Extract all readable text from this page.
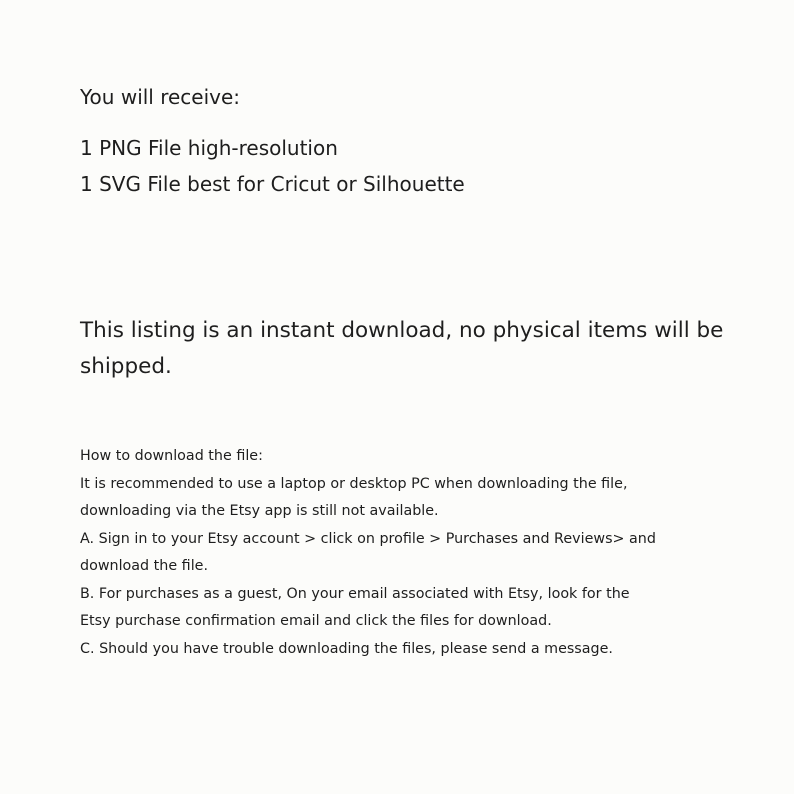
You will receive:
1 PNG File high-resolution
1 SVG File best for Cricut or Silhouette
This listing is an instant download, no physical items will be
shipped.
How to download the file:
It is recommended to use a laptop or desktop PC when downloading the file,
downloading via the Etsy app is still not available.
A. Sign in to your Etsy account > click on profile > Purchases and Reviews> and
download the file.
B. For purchases as a guest, On your email associated with Etsy, look for the
Etsy purchase confirmation email and click the files for download.
C. Should you have trouble downloading the files, please send a message.
